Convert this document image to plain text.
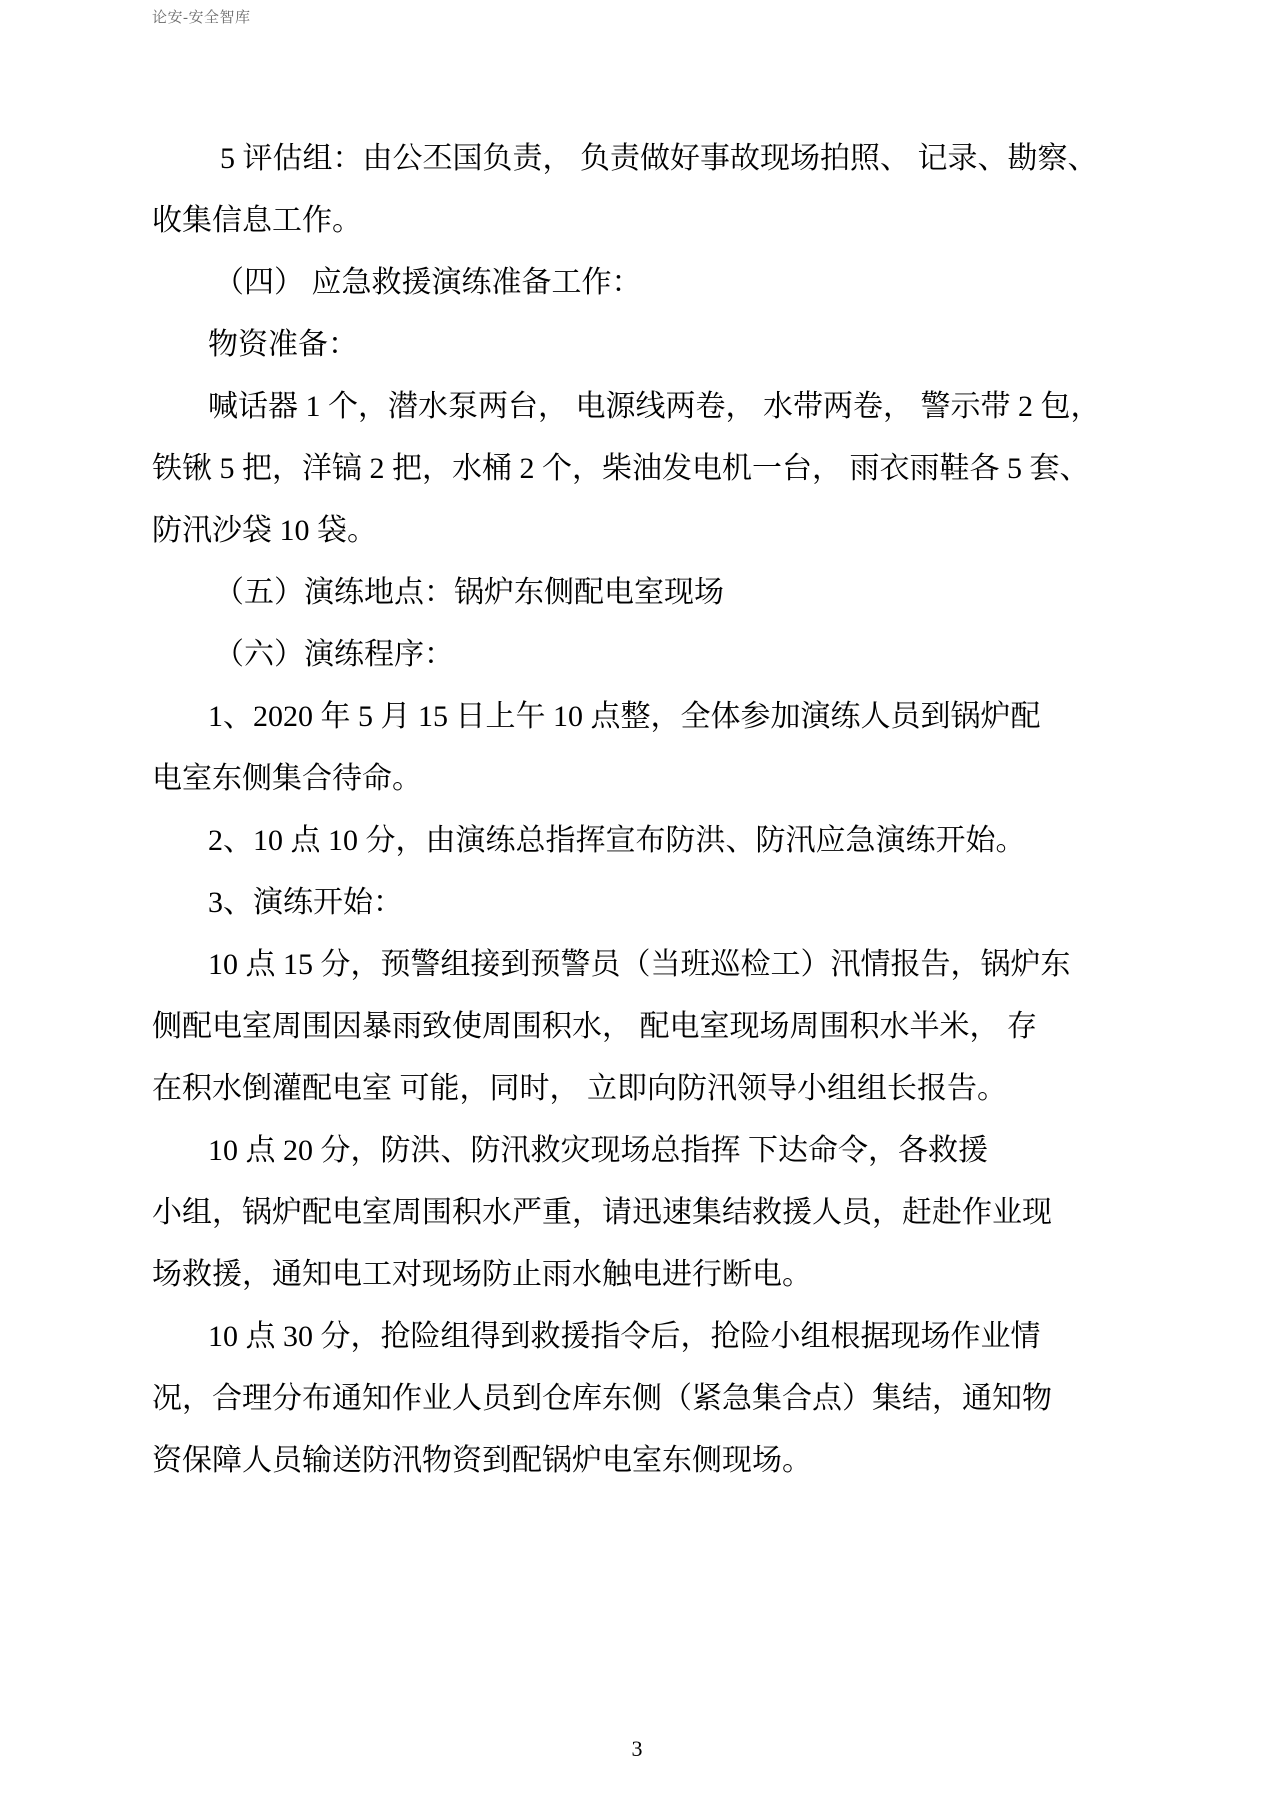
论安-安全智库
5 评估组：由公丕国负责， 负责做好事故现场拍照、 记录、勘察、
收集信息工作。
（四） 应急救援演练准备工作：
物资准备：
喊话器 1 个，潜水泵两台， 电源线两卷， 水带两卷， 警示带 2 包，
铁锹 5 把，洋镐 2 把，水桶 2 个，柴油发电机一台， 雨衣雨鞋各 5 套、
防汛沙袋 10 袋。
（五）演练地点：锅炉东侧配电室现场
（六）演练程序：
1、2020 年 5 月 15 日上午 10 点整，全体参加演练人员到锅炉配
电室东侧集合待命。
2、10 点 10 分，由演练总指挥宣布防洪、防汛应急演练开始。
3、演练开始：
10 点 15 分，预警组接到预警员（当班巡检工）汛情报告，锅炉东
侧配电室周围因暴雨致使周围积水， 配电室现场周围积水半米， 存
在积水倒灌配电室 可能，同时， 立即向防汛领导小组组长报告。
10 点 20 分，防洪、防汛救灾现场总指挥 下达命令，各救援
小组，锅炉配电室周围积水严重，请迅速集结救援人员，赶赴作业现
场救援，通知电工对现场防止雨水触电进行断电。
10 点 30 分，抢险组得到救援指令后，抢险小组根据现场作业情
况，合理分布通知作业人员到仓库东侧（紧急集合点）集结，通知物
资保障人员输送防汛物资到配锅炉电室东侧现场。
3
